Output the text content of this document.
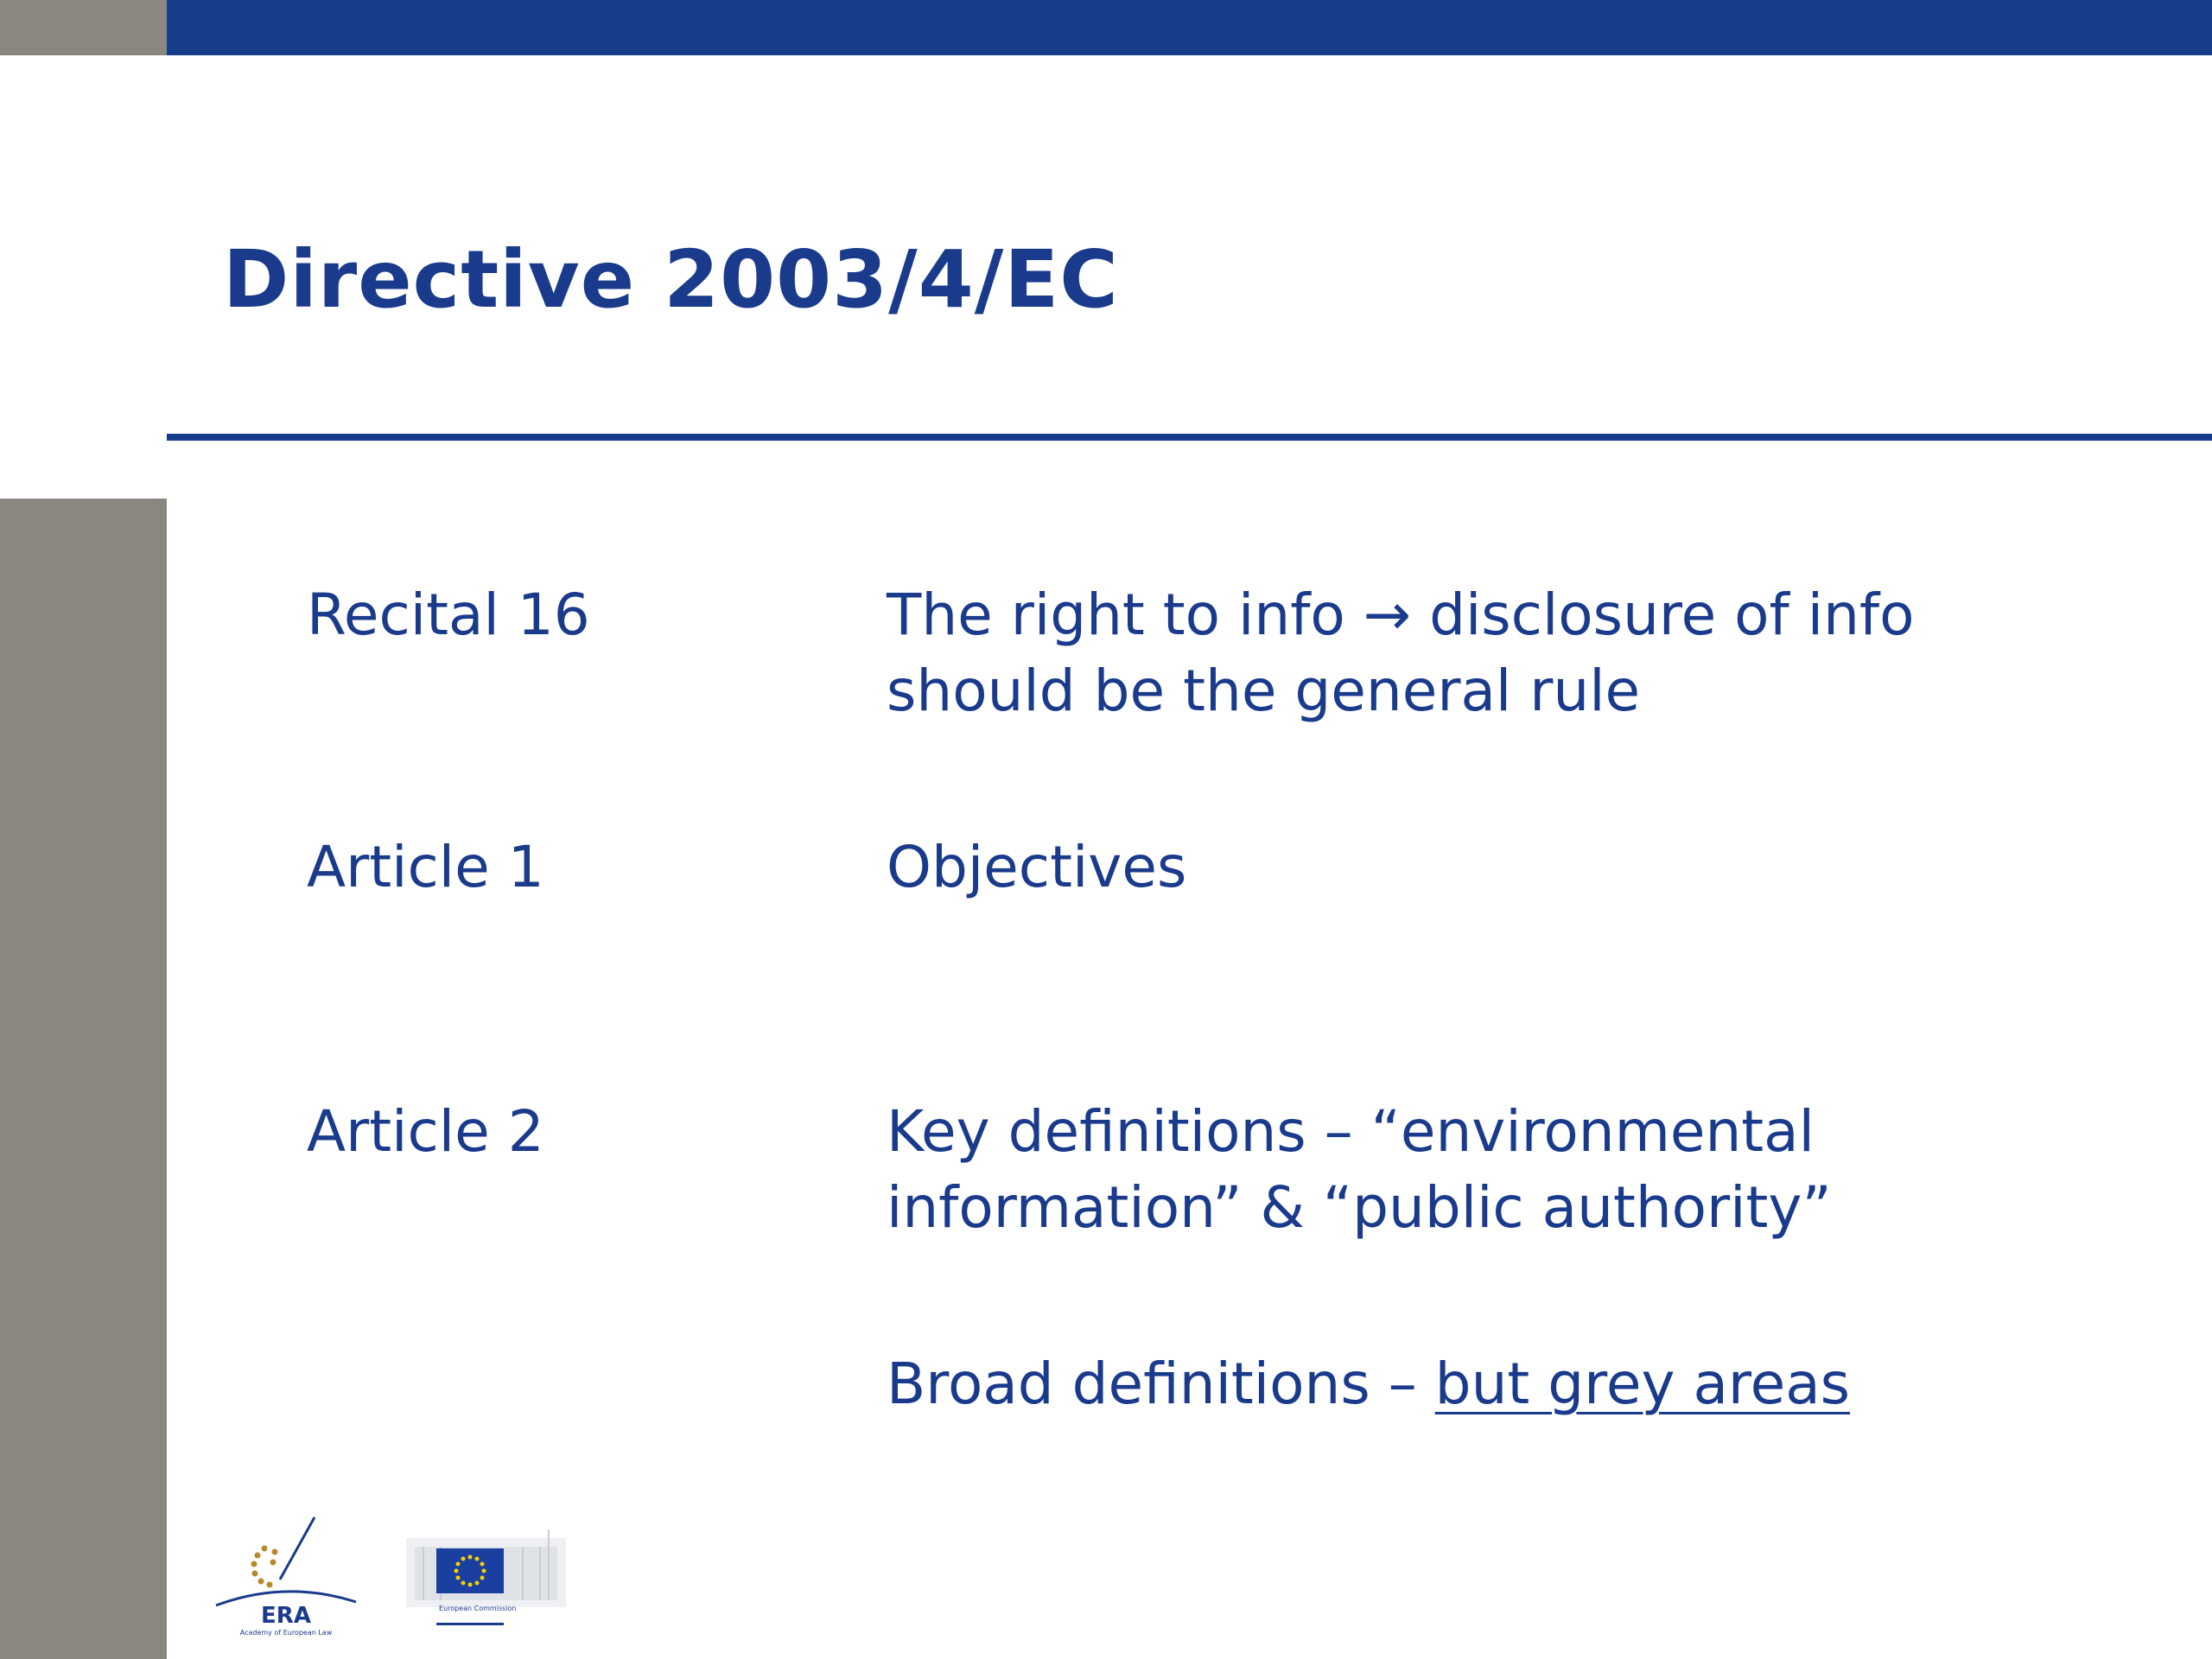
Directive 2003/4/EC
Recital 16	The right to info → disclosure of info
should be the general rule
Article 1	Objectives
Article 2	Key definitions – “environmental
information” & “public authority”
Broad definitions – but grey areas
ERA
Academy of European Law
European Commission
